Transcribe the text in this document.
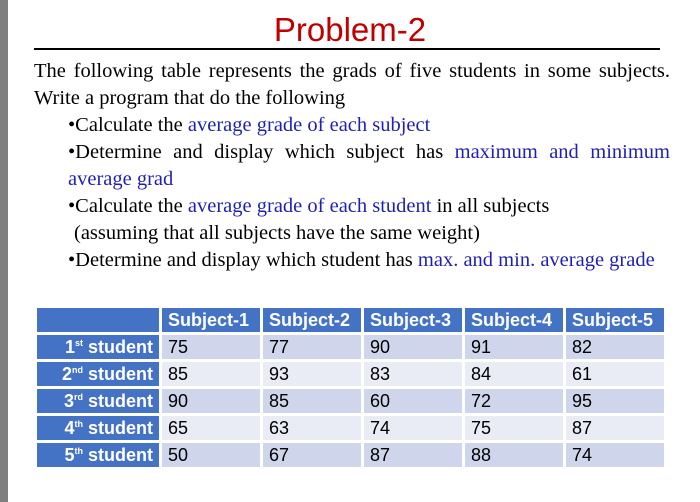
Problem-2

The following table represents the grads of five students in some subjects. Write a program that do the following

•Calculate the average grade of each subject

•Determine and display which subject has maximum and minimum average grad

•Calculate the average grade of each student in all subjects
(assuming that all subjects have the same weight)

•Determine and display which student has max. and min. average grade

	Subject-1	Subject-2	Subject-3	Subject-4	Subject-5
1st student	75	77	90	91	82
2nd student	85	93	83	84	61
3rd student	90	85	60	72	95
4th student	65	63	74	75	87
5th student	50	67	87	88	74
